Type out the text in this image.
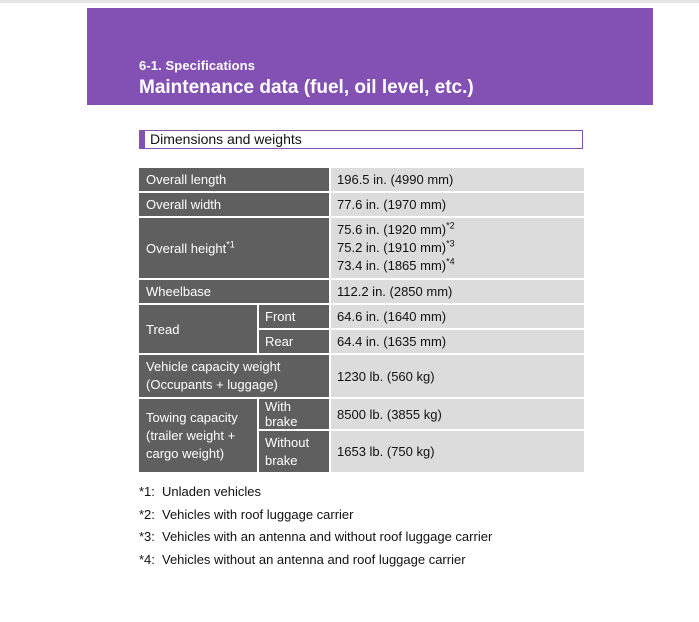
6-1. Specifications
Maintenance data (fuel, oil level, etc.)
Dimensions and weights
Overall length		196.5 in. (4990 mm)
Overall width		77.6 in. (1970 mm)
Overall height$^{*1}$		75.6 in. (1920 mm)$^{*2}$
75.2 in. (1910 mm)$^{*3}$
73.4 in. (1865 mm)$^{*4}$

Wheelbase		112.2 in. (2850 mm)
Tread	Front	64.6 in. (1640 mm)
	Rear	64.4 in. (1635 mm)

Vehicle capacity weight
(Occupants + luggage)		1230 lb. (560 kg)

Towing capacity
(trailer weight +
cargo weight)	With brake	8500 lb. (3855 kg)

	Without
brake	1653 lb. (750 kg)
*1: Unladen vehicles
*2: Vehicles with roof luggage carrier
*3: Vehicles with an antenna and without roof luggage carrier
*4: Vehicles without an antenna and roof luggage carrier
